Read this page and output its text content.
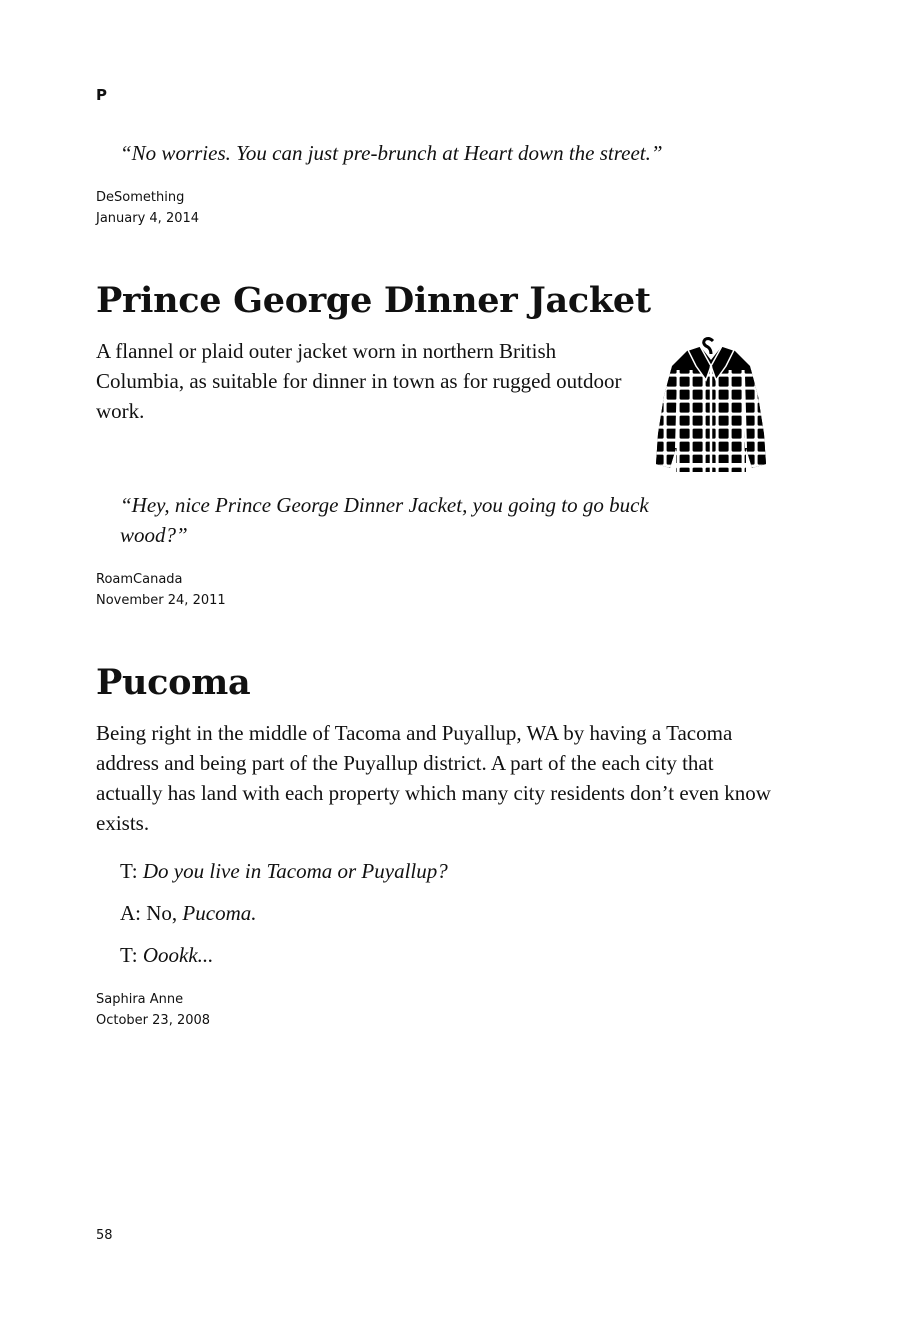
P
“No worries. You can just pre-brunch at Heart down the street.”
DeSomething
January 4, 2014
Prince George Dinner Jacket
A flannel or plaid outer jacket worn in northern British Columbia, as suitable for dinner in town as for rugged outdoor work.
“Hey, nice Prince George Dinner Jacket, you going to go buck wood?”
RoamCanada
November 24, 2011
Pucoma
Being right in the middle of Tacoma and Puyallup, WA by having a Tacoma address and being part of the Puyallup district. A part of the each city that actually has land with each property which many city residents don’t even know exists.
T: Do you live in Tacoma or Puyallup?
A: No, Pucoma.
T: Oookk...
Saphira Anne
October 23, 2008
58
